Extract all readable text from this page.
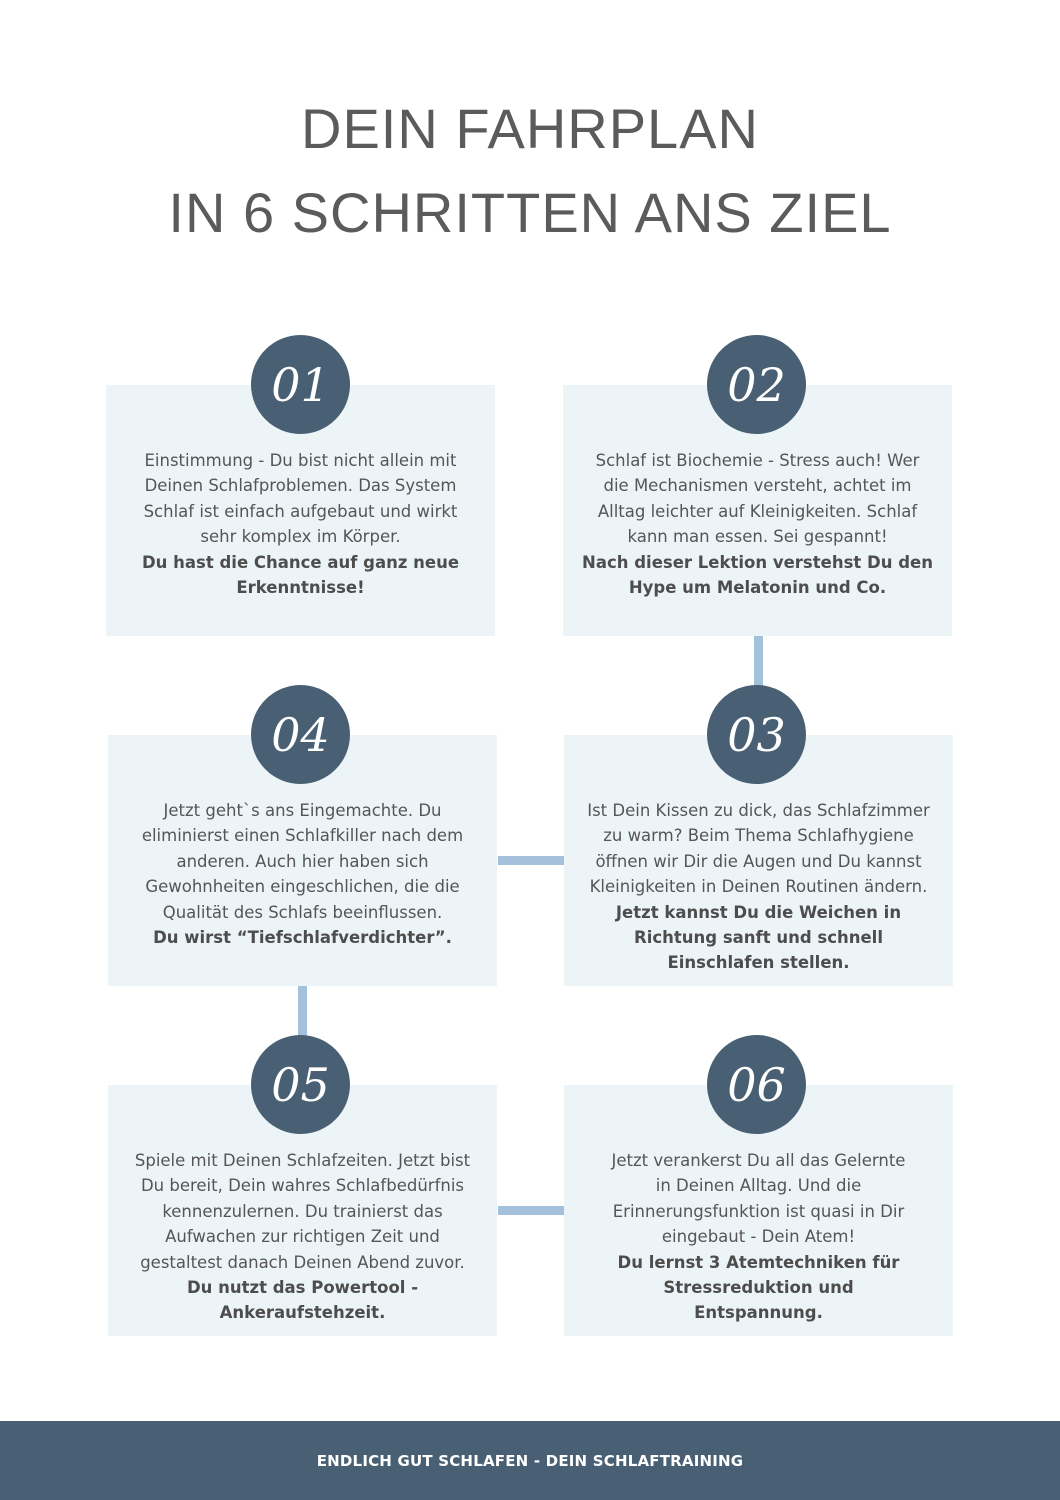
DEIN FAHRPLAN
IN 6 SCHRITTEN ANS ZIEL
Einstimmung - Du bist nicht allein mit Deinen Schlafproblemen. Das System Schlaf ist einfach aufgebaut und wirkt sehr komplex im Körper.
Du hast die Chance auf ganz neue Erkenntnisse!
01
Schlaf ist Biochemie - Stress auch! Wer die Mechanismen versteht, achtet im Alltag leichter auf Kleinigkeiten. Schlaf kann man essen. Sei gespannt!
Nach dieser Lektion verstehst Du den Hype um Melatonin und Co.
02
Jetzt geht`s ans Eingemachte. Du eliminierst einen Schlafkiller nach dem anderen. Auch hier haben sich Gewohnheiten eingeschlichen, die die Qualität des Schlafs beeinflussen.
Du wirst “Tiefschlafverdichter”.
04
Ist Dein Kissen zu dick, das Schlafzimmer zu warm? Beim Thema Schlafhygiene öffnen wir Dir die Augen und Du kannst Kleinigkeiten in Deinen Routinen ändern.
Jetzt kannst Du die Weichen in Richtung sanft und schnell Einschlafen stellen.
03
Spiele mit Deinen Schlafzeiten. Jetzt bist Du bereit, Dein wahres Schlafbedürfnis kennenzulernen. Du trainierst das Aufwachen zur richtigen Zeit und gestaltest danach Deinen Abend zuvor.
Du nutzt das Powertool - Ankeraufstehzeit.
05
Jetzt verankerst Du all das Gelernte in Deinen Alltag. Und die Erinnerungsfunktion ist quasi in Dir eingebaut - Dein Atem!
Du lernst 3 Atemtechniken für Stressreduktion und Entspannung.
06
ENDLICH GUT SCHLAFEN - DEIN SCHLAFTRAINING
